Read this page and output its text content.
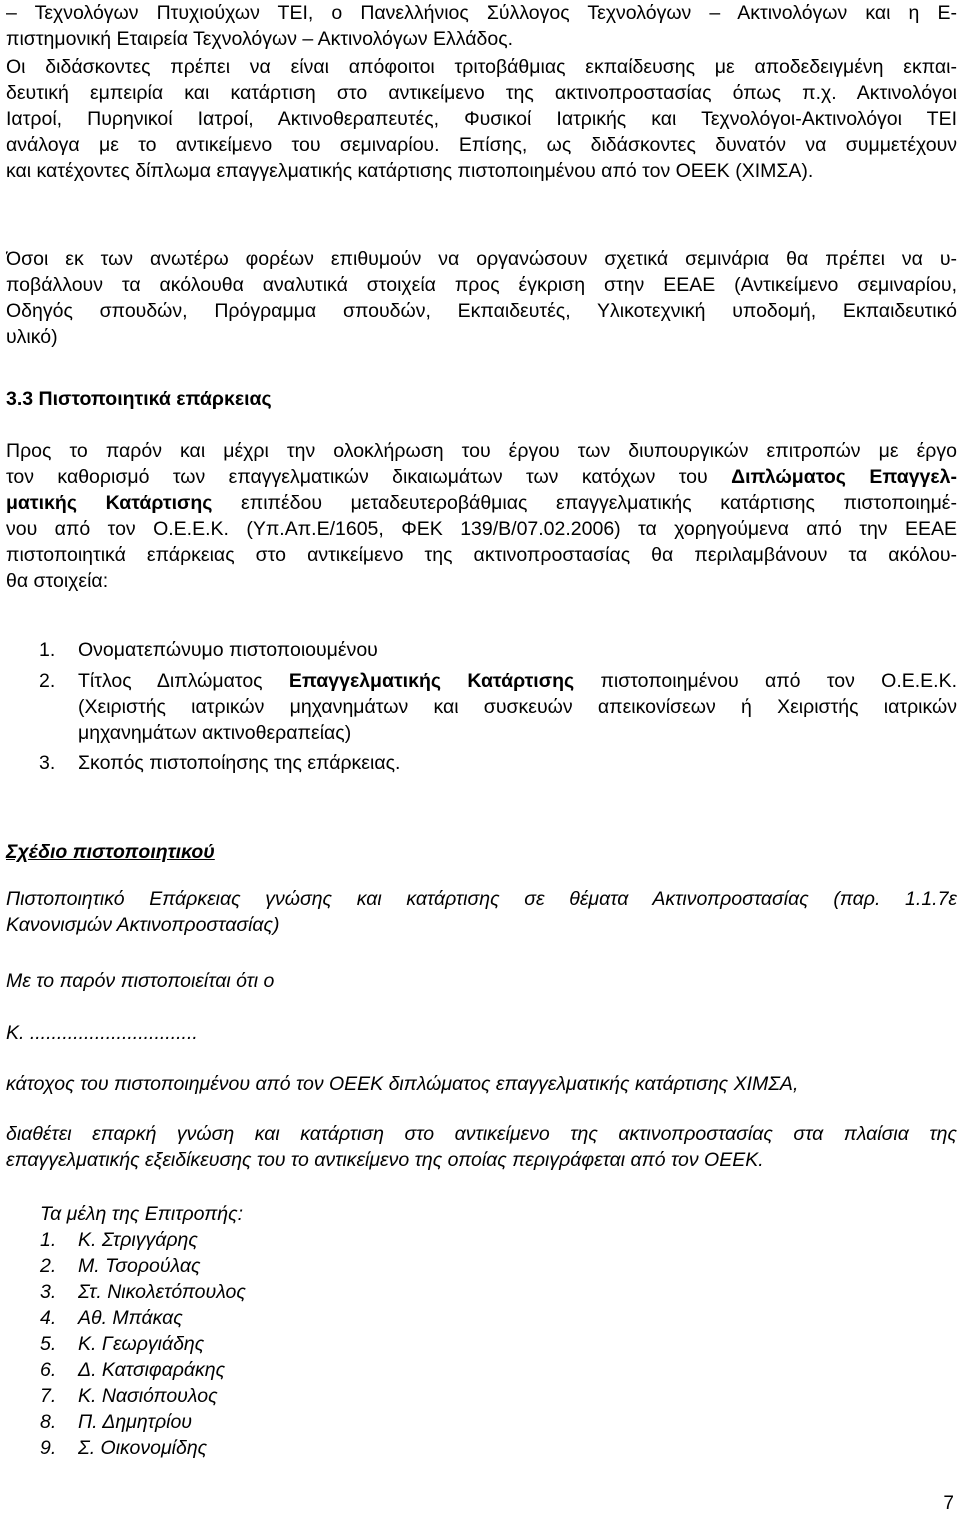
– Τεχνολόγων Πτυχιούχων ΤΕΙ, ο Πανελλήνιος Σύλλογος Τεχνολόγων – Ακτινολόγων και η Ε-
πιστημονική Εταιρεία Τεχνολόγων – Ακτινολόγων Ελλάδος.
Οι διδάσκοντες πρέπει να είναι απόφοιτοι τριτοβάθμιας εκπαίδευσης με αποδεδειγμένη εκπαι-
δευτική εμπειρία και κατάρτιση στο αντικείμενο της ακτινοπροστασίας όπως π.χ. Ακτινολόγοι
Ιατροί, Πυρηνικοί Ιατροί, Ακτινοθεραπευτές, Φυσικοί Ιατρικής και Τεχνολόγοι-Ακτινολόγοι ΤΕΙ
ανάλογα με το αντικείμενο του σεμιναρίου. Επίσης, ως διδάσκοντες δυνατόν να συμμετέχουν
και κατέχοντες δίπλωμα επαγγελματικής κατάρτισης πιστοποιημένου από τον ΟΕΕΚ (ΧΙΜΣΑ).
Όσοι εκ των ανωτέρω φορέων επιθυμούν να οργανώσουν σχετικά σεμινάρια θα πρέπει να υ-
ποβάλλουν τα ακόλουθα αναλυτικά στοιχεία προς έγκριση στην ΕΕΑΕ (Αντικείμενο σεμιναρίου,
Οδηγός σπουδών, Πρόγραμμα σπουδών, Εκπαιδευτές, Υλικοτεχνική υποδομή, Εκπαιδευτικό
υλικό)
3.3 Πιστοποιητικά επάρκειας
Προς το παρόν και μέχρι την ολοκλήρωση του έργου των διυπουργικών επιτροπών με έργο
τον καθορισμό των επαγγελματικών δικαιωμάτων των κατόχων του Διπλώματος Επαγγελ-
ματικής Κατάρτισης επιπέδου μεταδευτεροβάθμιας επαγγελματικής κατάρτισης πιστοποιημέ-
νου από τον Ο.Ε.Ε.Κ. (Υπ.Απ.Ε/1605, ΦΕΚ 139/Β/07.02.2006) τα χορηγούμενα από την ΕΕΑΕ
πιστοποιητικά επάρκειας στο αντικείμενο της ακτινοπροστασίας θα περιλαμβάνουν τα ακόλου-
θα στοιχεία:
1. Ονοματεπώνυμο πιστοποιουμένου
2. Τίτλος Διπλώματος Επαγγελματικής Κατάρτισης πιστοποιημένου από τον Ο.Ε.Ε.Κ.
(Χειριστής ιατρικών μηχανημάτων και συσκευών απεικονίσεων ή Χειριστής ιατρικών
μηχανημάτων ακτινοθεραπείας)
3. Σκοπός πιστοποίησης της επάρκειας.
Σχέδιο πιστοποιητικού
Πιστοποιητικό Επάρκειας γνώσης και κατάρτισης σε θέματα Ακτινοπροστασίας (παρ. 1.1.7ε
Κανονισμών Ακτινοπροστασίας)
Με το παρόν πιστοποιείται ότι ο
Κ. ...............................
κάτοχος του πιστοποιημένου από τον ΟΕΕΚ διπλώματος επαγγελματικής κατάρτισης ΧΙΜΣΑ,
διαθέτει επαρκή γνώση και κατάρτιση στο αντικείμενο της ακτινοπροστασίας στα πλαίσια της
επαγγελματικής εξειδίκευσης του το αντικείμενο της οποίας περιγράφεται από τον ΟΕΕΚ.
Τα μέλη της Επιτροπής:
1. Κ. Στριγγάρης
2. Μ. Τσορούλας
3. Στ. Νικολετόπουλος
4. Αθ. Μπάκας
5. Κ. Γεωργιάδης
6. Δ. Κατσιφαράκης
7. Κ. Νασιόπουλος
8. Π. Δημητρίου
9. Σ. Οικονομίδης
7
